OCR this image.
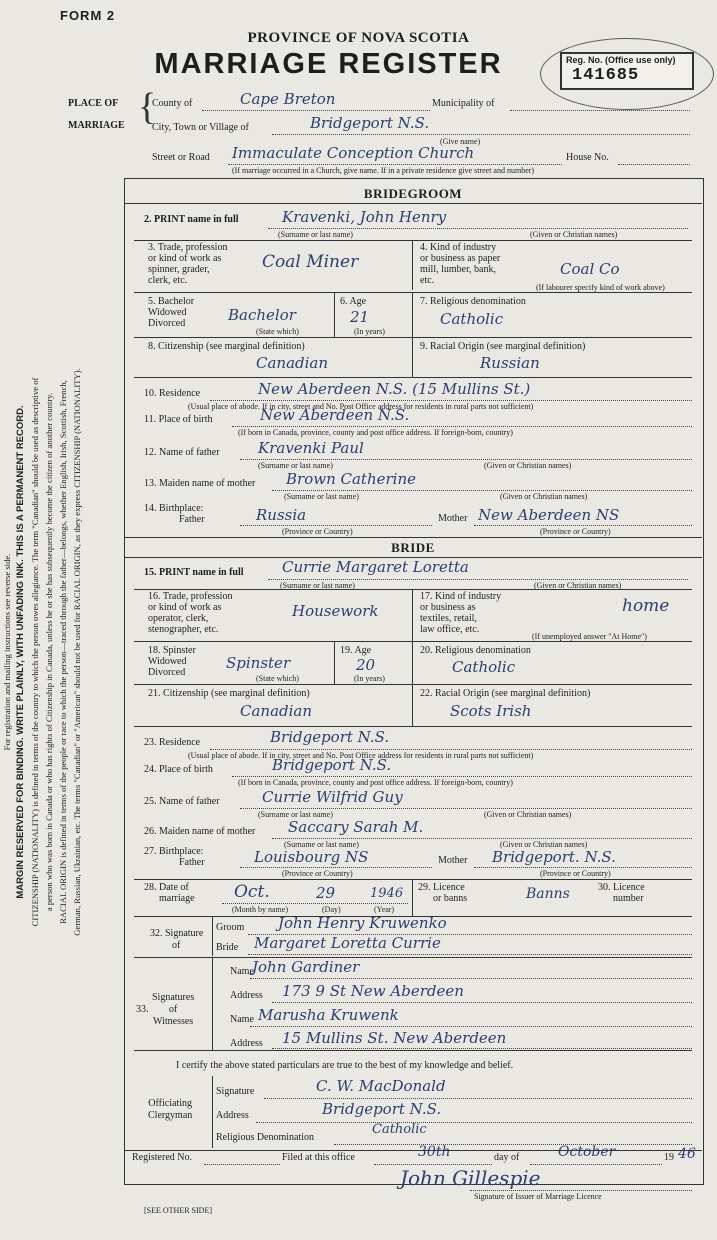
FORM 2
PROVINCE OF NOVA SCOTIA
MARRIAGE REGISTER	Reg. No. (Office use only)
141685
PLACE OF
MARRIAGE {
County of	Cape Breton	Municipality of
City, Town or Village of	Bridgeport N.S.
(Give name)
Street or Road Immaculate Conception Church	House No.
(If marriage occurred in a Church, give name. If in a private residence give street and number)
For registration and mailing instructions see reverse side. MARGIN RESERVED FOR BINDING. WRITE PLAINLY, WITH UNFADING INK. THIS IS A PERMANENT RECORD. CITIZENSHIP (NATIONALITY) is defined in terms of the country to which the person owes allegiance. The term "Canadian" should be used as descriptive of a person who was born in Canada or who has rights of Citizenship in Canada, unless he or she has subsequently become the citizen of another country. RACIAL ORIGIN is defined in terms of the people or race to which the person—traced through the father—belongs, whether English, Irish, Scottish, French, German, Russian, Ukrainian, etc. The terms "Canadian" or "American" should not be used for RACIAL ORIGIN, as they express CITIZENSHIP (NATIONALITY).
BRIDEGROOM
2. PRINT name in full	Kravenki, John Henry
(Surname or last name)	(Given or Christian names)
3. Trade, profession
or kind of work as
spinner, grader,
clerk, etc.
Coal Miner
4. Kind of industry
or business as paper
mill, lumber, bank,
etc.
Coal Co
(If labourer specify kind of work above)
5. Bachelor
Widowed
Divorced	Bachelor
(State which)
6. Age
21
(In years)
7. Religious denomination
Catholic
8. Citizenship (see marginal definition)
Canadian
9. Racial Origin (see marginal definition)
Russian
10. Residence	New Aberdeen N.S. (15 Mullins St.)
(Usual place of abode. If in city, street and No. Post Office address for residents in rural parts not sufficient)
11. Place of birth	New Aberdeen N.S.
(If born in Canada, province, county and post office address. If foreign-born, country)
12. Name of father	Kravenki Paul
(Surname or last name)	(Given or Christian names)
13. Maiden name of mother Brown Catherine
(Surname or last name)	(Given or Christian names)
14. Birthplace:
Father	Russia	Mother New Aberdeen NS
(Province or Country)	(Province or Country)
BRIDE
15. PRINT name in full	Currie Margaret Loretta
(Surname or last name)	(Given or Christian names)
16. Trade, profession
or kind of work as
operator, clerk,
stenographer, etc.
Housework
17. Kind of industry
or business as
textiles, retail,
law office, etc.
home
(If unemployed answer "At Home")
18. Spinster
Widowed
Divorced
Spinster
(State which)
19. Age
20
(In years)
20. Religious denomination
Catholic
21. Citizenship (see marginal definition)
Canadian
22. Racial Origin (see marginal definition)
Scots Irish
23. Residence	Bridgeport N.S.
(Usual place of abode. If in city, street and No. Post Office address for residents in rural parts not sufficient)
24. Place of birth	Bridgeport N.S.
(If born in Canada, province, county and post office address. If foreign-born, country)
25. Name of father	Currie Wilfrid Guy
(Surname or last name)	(Given or Christian names)
26. Maiden name of mother Saccary Sarah M.
(Surname or last name)	(Given or Christian names)
27. Birthplace:
Father	Louisbourg NS	Mother Bridgeport. N.S.
(Province or Country)	(Province or Country)
28. Date of
marriage Oct.	29	1946
(Month by name)	(Day)	(Year)
29. Licence
or banns	Banns	30. Licence
number
32. Signature
of
Groom John Henry Kruwenko
Bride Margaret Loretta Currie
33.
Signatures
of
Witnesses
Name
John Gardiner
Address 173 9 St New Aberdeen
Name Marusha Kruwenk
Address 15 Mullins St. New Aberdeen
I certify the above stated particulars are true to the best of my knowledge and belief.
Officiating
Clergyman
Signature	C. W. MacDonald
Address	Bridgeport N.S.
Religious Denomination
Catholic
Registered No.	Filed at this office	30th	day of	October	19 46
John Gillespie
Signature of Issuer of Marriage Licence
[SEE OTHER SIDE]
